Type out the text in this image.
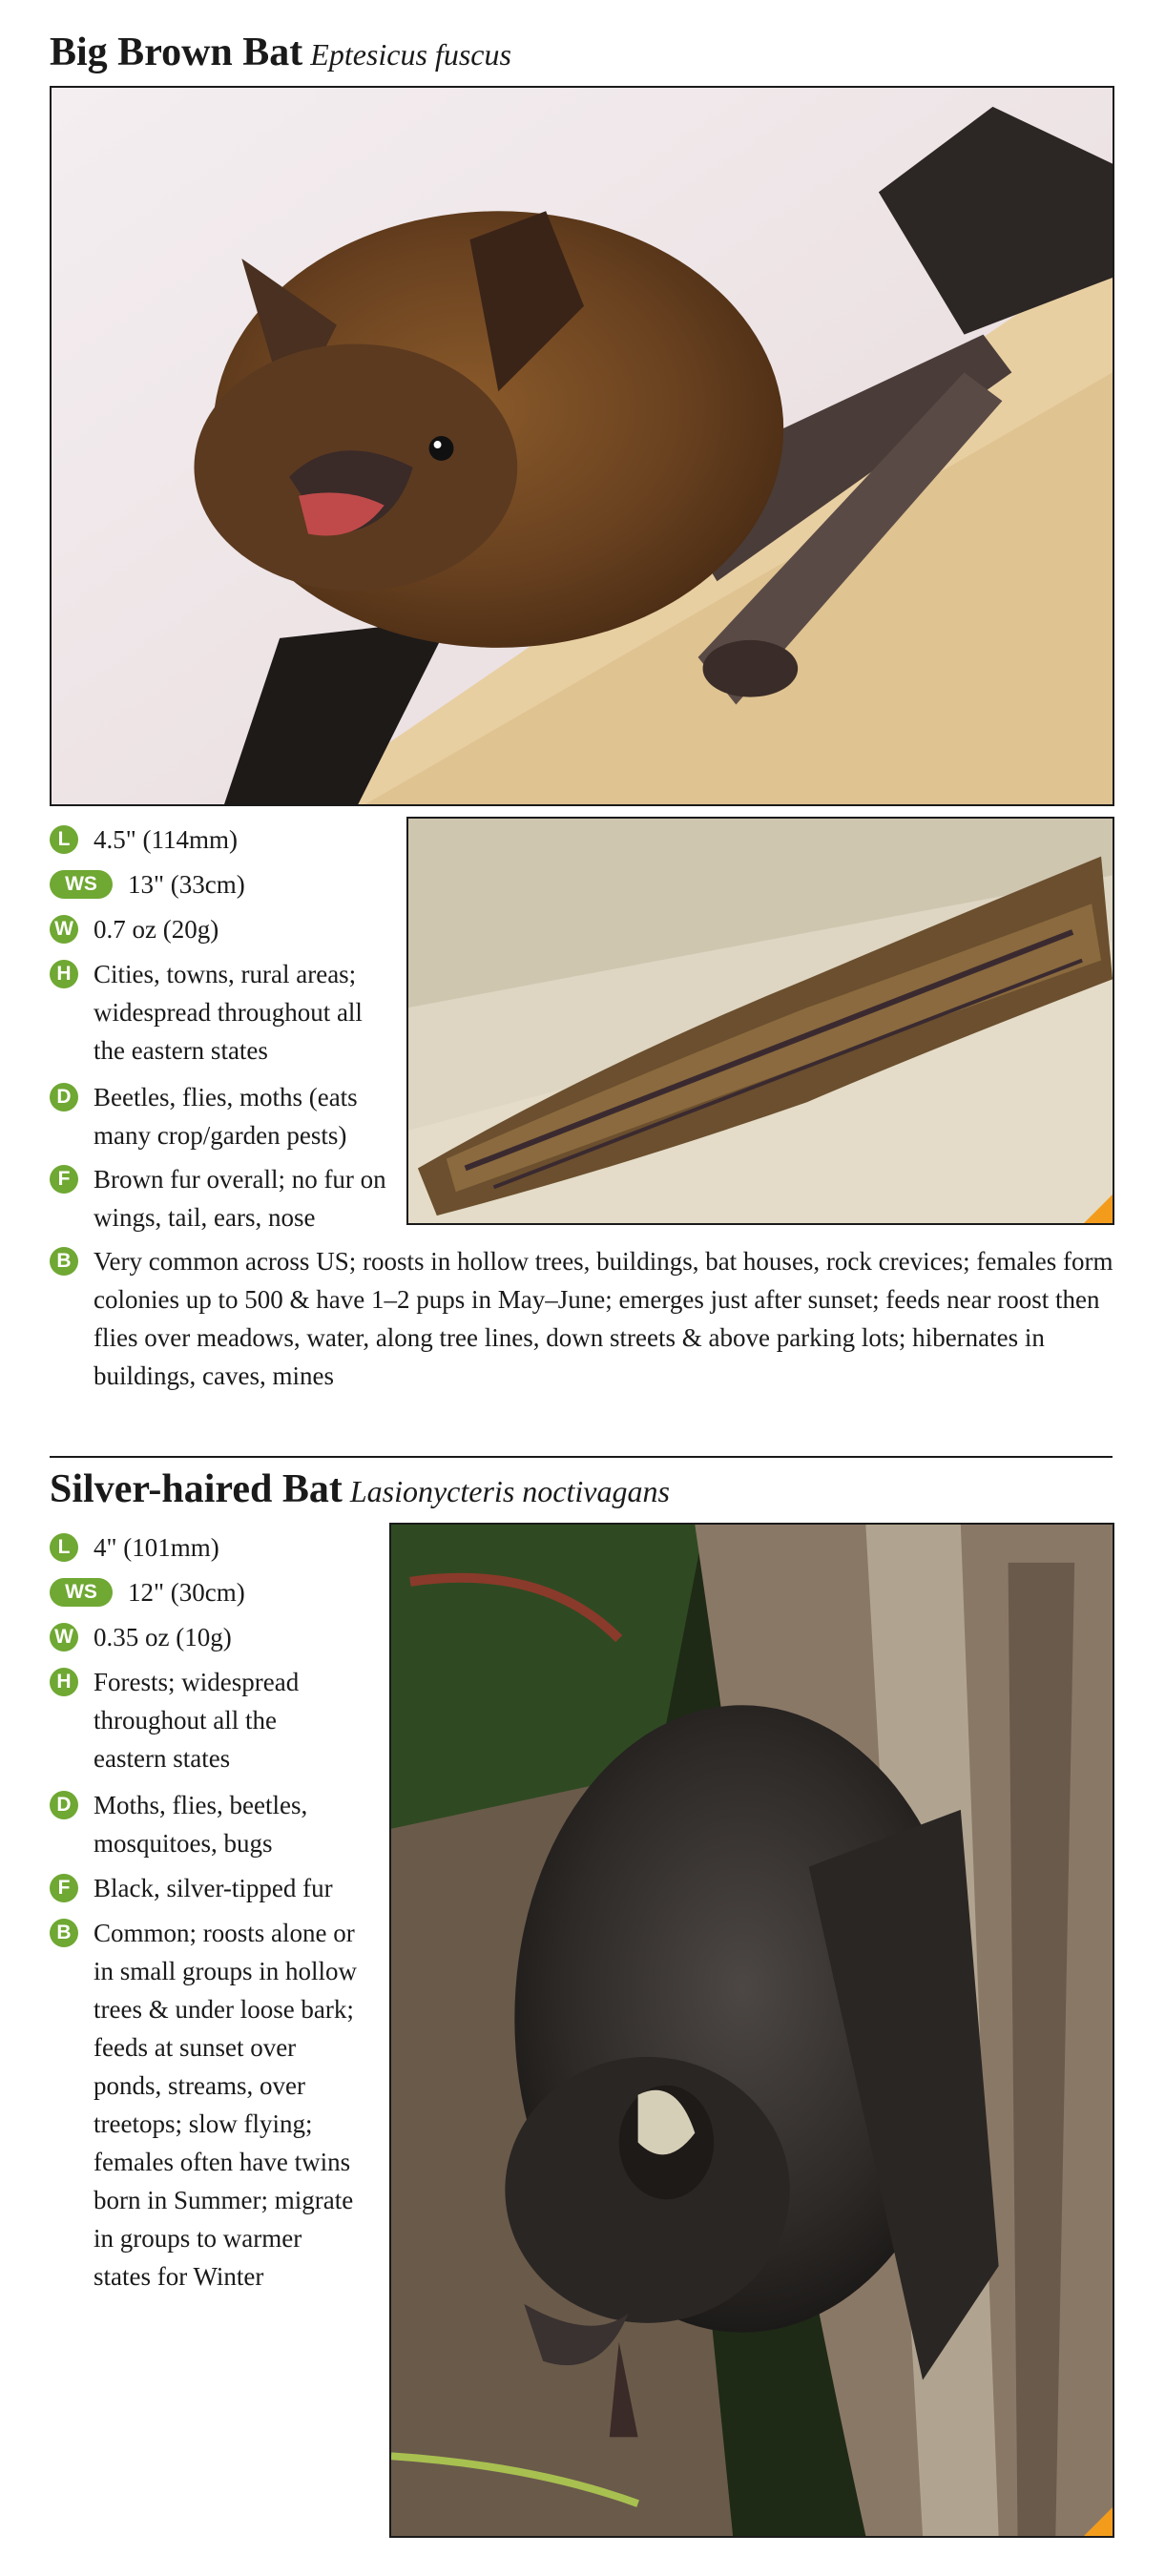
Big Brown Bat Eptesicus fuscus
L 4.5" (114mm)
WS	13" (33cm)
W 0.7 oz (20g)
H Cities, towns, rural areas; widespread throughout all the eastern states
D Beetles, flies, moths (eats many crop/garden pests)
F Brown fur overall; no fur on wings, tail, ears, nose
B Very common across US; roosts in hollow trees, buildings, bat houses, rock crevices; females form colonies up to 500 & have 1–2 pups in May–June; emerges just after sunset; feeds near roost then flies over meadows, water, along tree lines, down streets & above parking lots; hibernates in buildings, caves, mines
Silver-haired Bat Lasionycteris noctivagans
L 4" (101mm)
WS	12" (30cm)
W 0.35 oz (10g)
H Forests; widespread throughout all the eastern states
D Moths, flies, beetles, mosquitoes, bugs
F Black, silver-tipped fur
B Common; roosts alone or in small groups in hollow trees & under loose bark; feeds at sunset over ponds, streams, over treetops; slow flying; females often have twins born in Summer; migrate in groups to warmer states for Winter
